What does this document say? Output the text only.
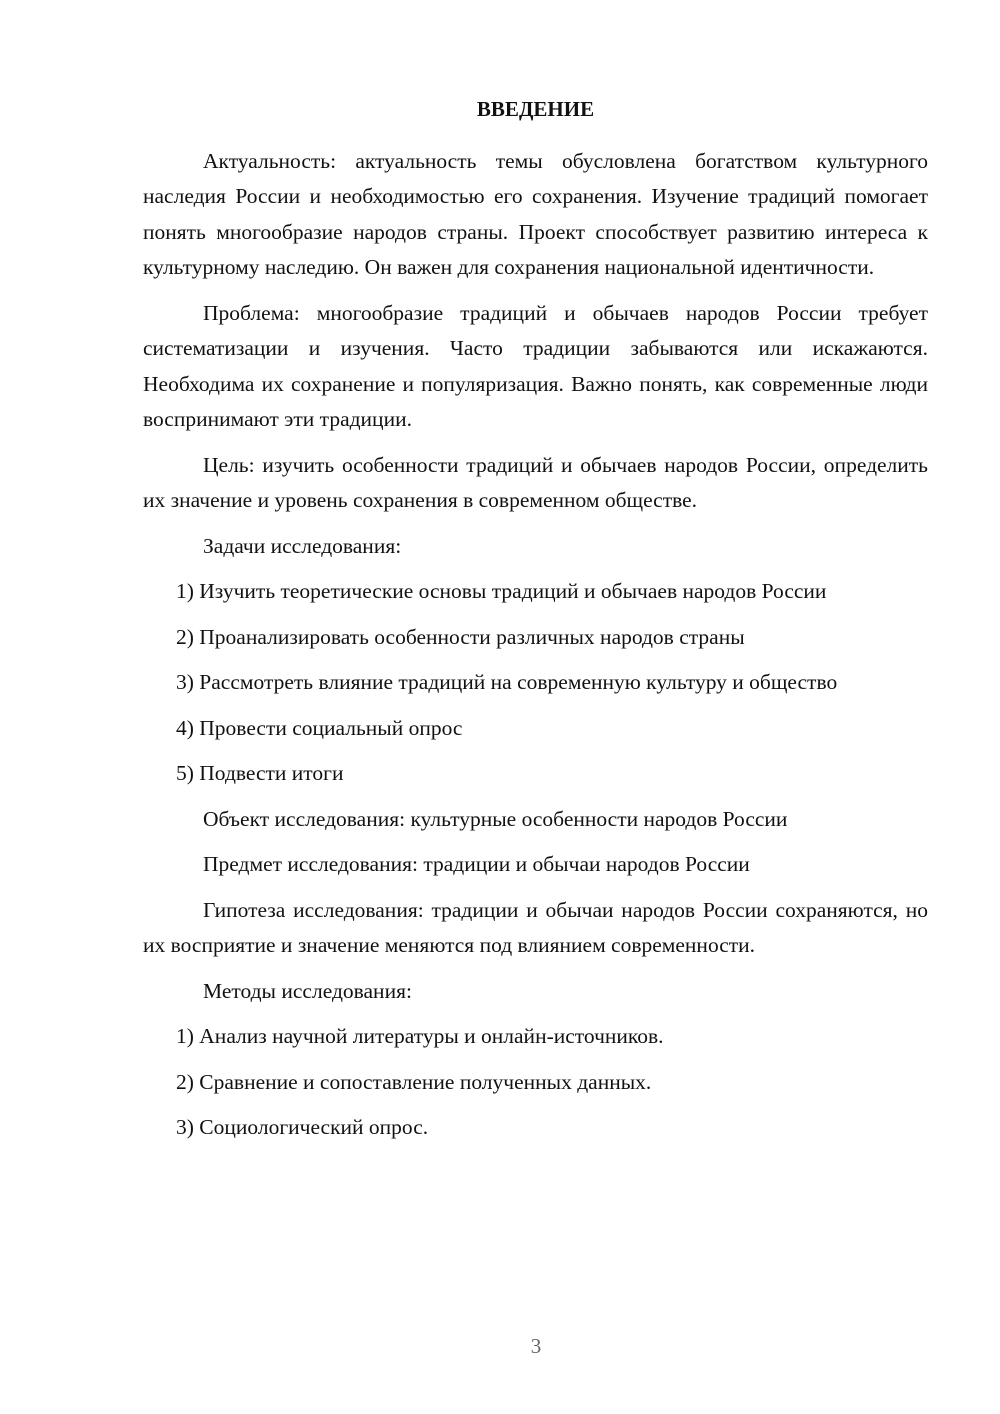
ВВЕДЕНИЕ

Актуальность: актуальность темы обусловлена богатством культурного наследия России и необходимостью его сохранения. Изучение традиций помогает понять многообразие народов страны. Проект способствует развитию интереса к культурному наследию. Он важен для сохранения национальной идентичности.

Проблема: многообразие традиций и обычаев народов России требует систематизации и изучения. Часто традиции забываются или искажаются. Необходима их сохранение и популяризация. Важно понять, как современные люди воспринимают эти традиции.

Цель: изучить особенности традиций и обычаев народов России, определить их значение и уровень сохранения в современном обществе.

Задачи исследования:

1) Изучить теоретические основы традиций и обычаев народов России

2) Проанализировать особенности различных народов страны

3) Рассмотреть влияние традиций на современную культуру и общество

4) Провести социальный опрос

5) Подвести итоги

Объект исследования: культурные особенности народов России

Предмет исследования: традиции и обычаи народов России

Гипотеза исследования: традиции и обычаи народов России сохраняются, но их восприятие и значение меняются под влиянием современности.

Методы исследования:

1) Анализ научной литературы и онлайн-источников.

2) Сравнение и сопоставление полученных данных.

3) Социологический опрос.

3
